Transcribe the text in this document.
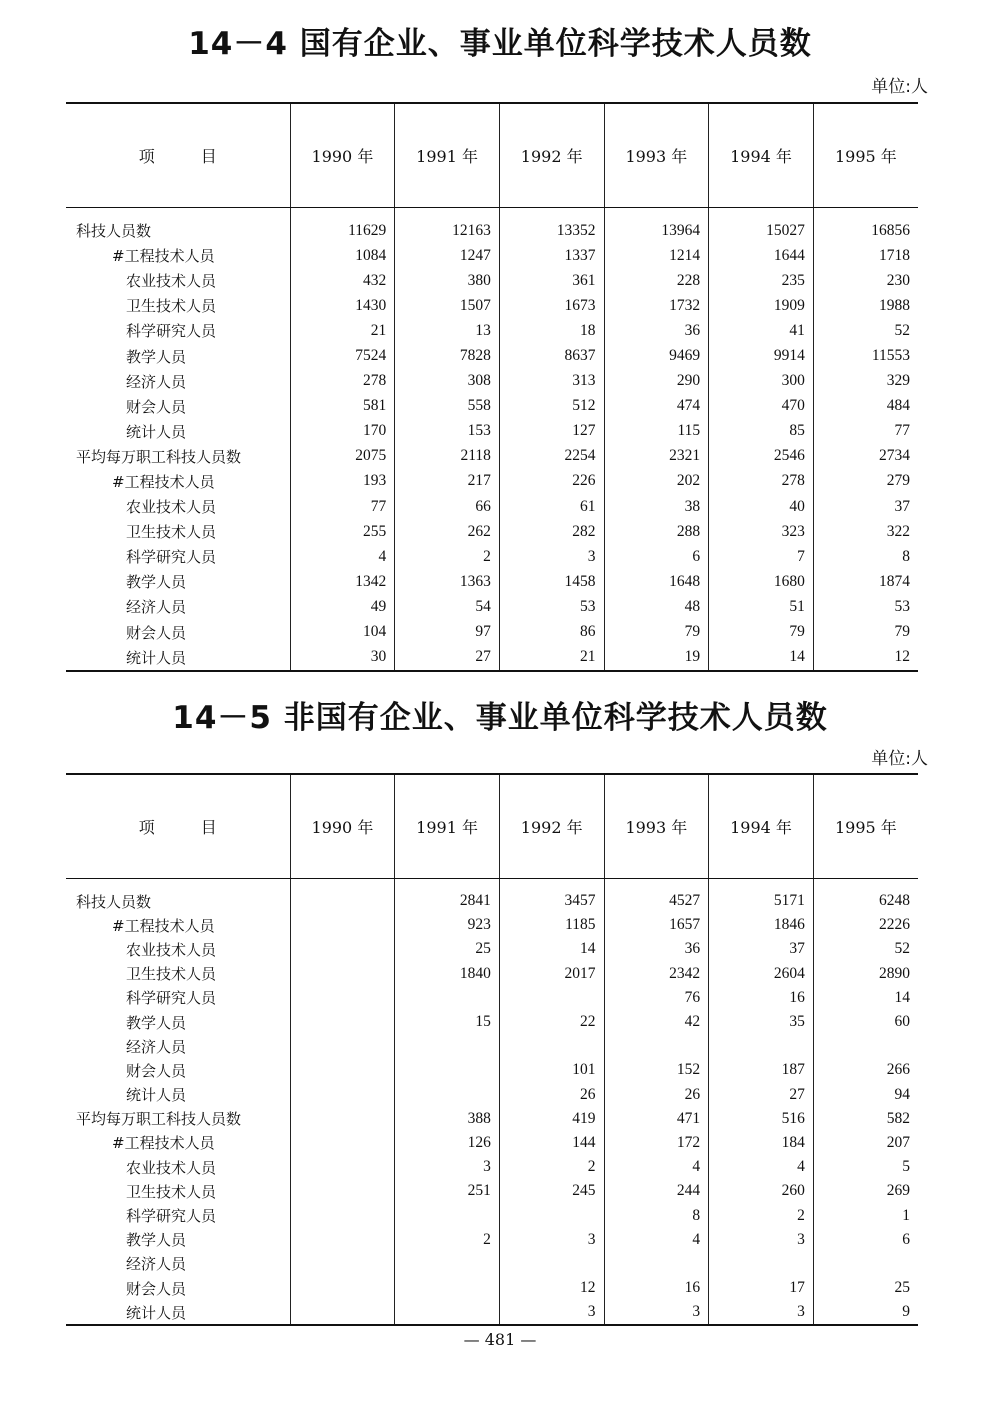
14－4 国有企业、事业单位科学技术人员数
单位:人
项 目	1990 年	1991 年	1992 年	1993 年	1994 年	1995 年
科技人员数	11629	12163	13352	13964	15027	16856
#工程技术人员	1084	1247	1337	1214	1644	1718
农业技术人员	432	380	361	228	235	230
卫生技术人员	1430	1507	1673	1732	1909	1988
科学研究人员	21	13	18	36	41	52
教学人员	7524	7828	8637	9469	9914	11553
经济人员	278	308	313	290	300	329
财会人员	581	558	512	474	470	484
统计人员	170	153	127	115	85	77
平均每万职工科技人员数	2075	2118	2254	2321	2546	2734
#工程技术人员	193	217	226	202	278	279
农业技术人员	77	66	61	38	40	37
卫生技术人员	255	262	282	288	323	322
科学研究人员	4	2	3	6	7	8
教学人员	1342	1363	1458	1648	1680	1874
经济人员	49	54	53	48	51	53
财会人员	104	97	86	79	79	79
统计人员	30	27	21	19	14	12
14－5 非国有企业、事业单位科学技术人员数
单位:人
项 目	1990 年	1991 年	1992 年	1993 年	1994 年	1995 年
科技人员数		2841	3457	4527	5171	6248
#工程技术人员		923	1185	1657	1846	2226
农业技术人员		25	14	36	37	52
卫生技术人员		1840	2017	2342	2604	2890
科学研究人员				76	16	14
教学人员		15	22	42	35	60
经济人员						
财会人员			101	152	187	266
统计人员			26	26	27	94
平均每万职工科技人员数		388	419	471	516	582
#工程技术人员		126	144	172	184	207
农业技术人员		3	2	4	4	5
卫生技术人员		251	245	244	260	269
科学研究人员				8	2	1
教学人员		2	3	4	3	6
经济人员						
财会人员			12	16	17	25
统计人员			3	3	3	9
— 481 —
